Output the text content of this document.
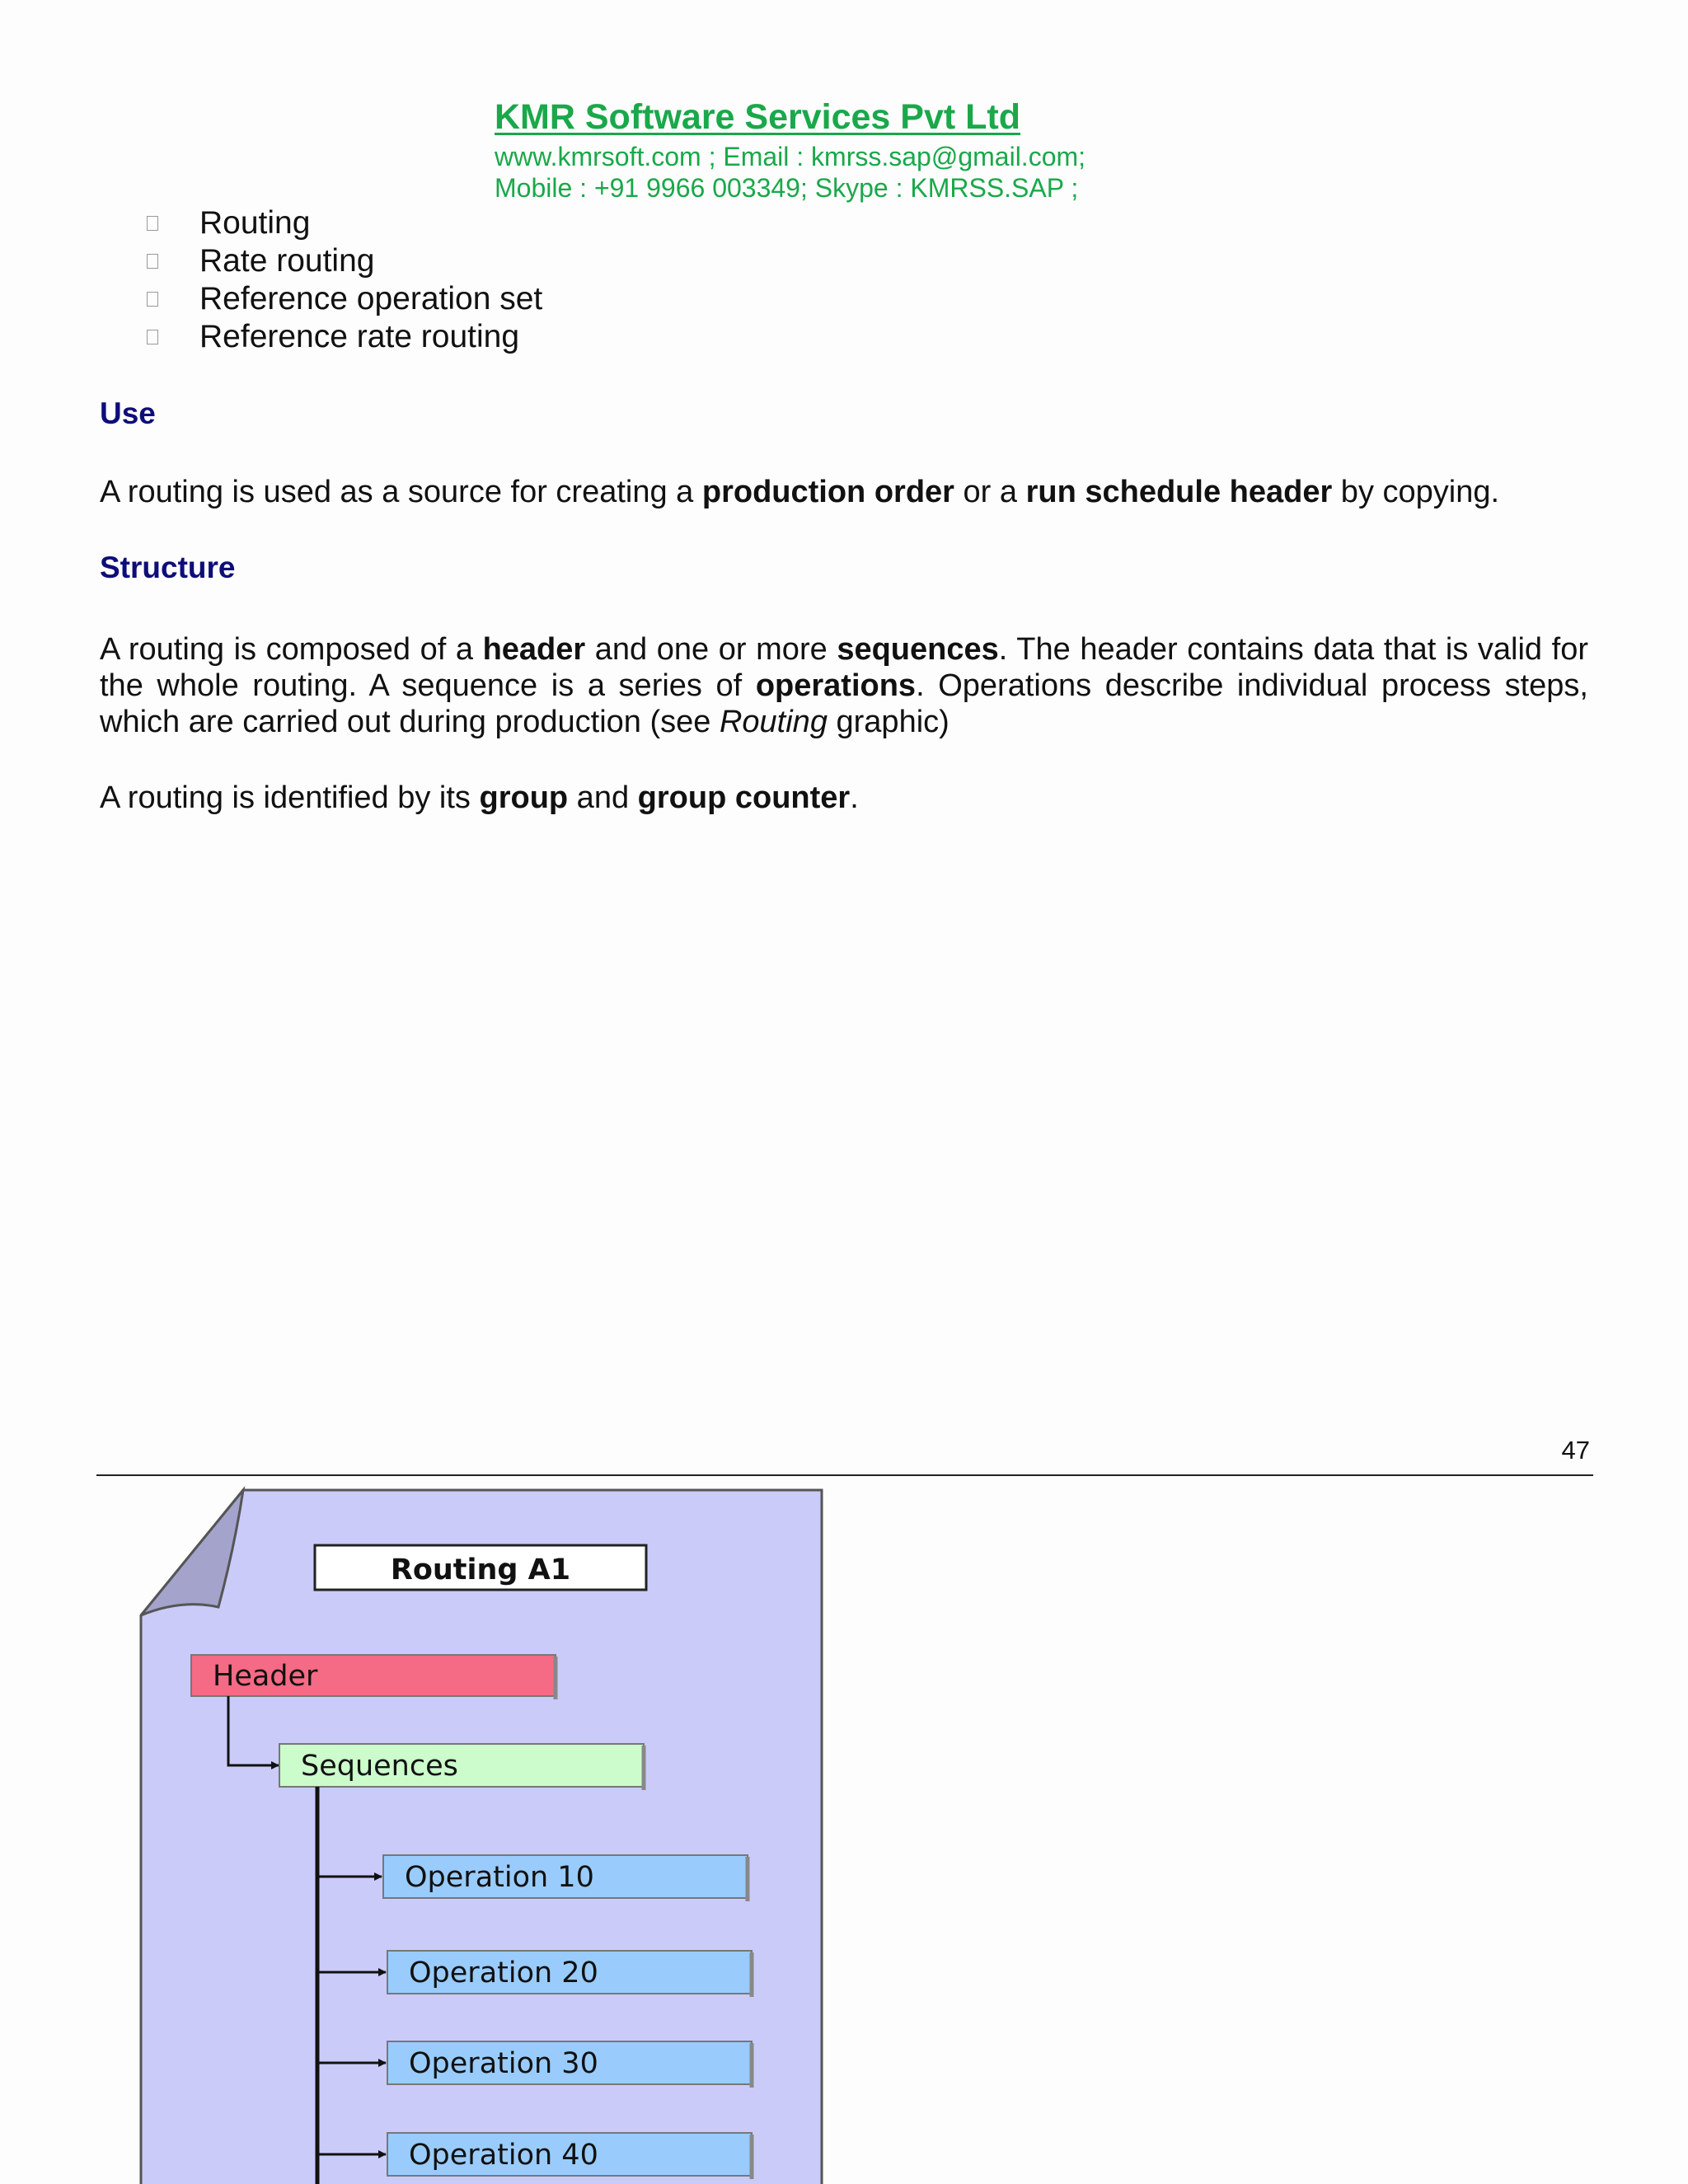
KMR Software Services Pvt Ltd
www.kmrsoft.com ; Email : kmrss.sap@gmail.com;
Mobile : +91 9966 003349; Skype : KMRSS.SAP ;
Routing
Rate routing
Reference operation set
Reference rate routing
Use
A routing is used as a source for creating a production order or a run schedule header by copying.
Structure
A routing is composed of a header and one or more sequences. The header contains data that is valid for the whole routing. A sequence is a series of operations. Operations describe individual process steps, which are carried out during production (see Routing graphic)
A routing is identified by its group and group counter.
47
Routing A1
Header
Sequences
Operation 10
Operation 20
Operation 30
Operation 40
